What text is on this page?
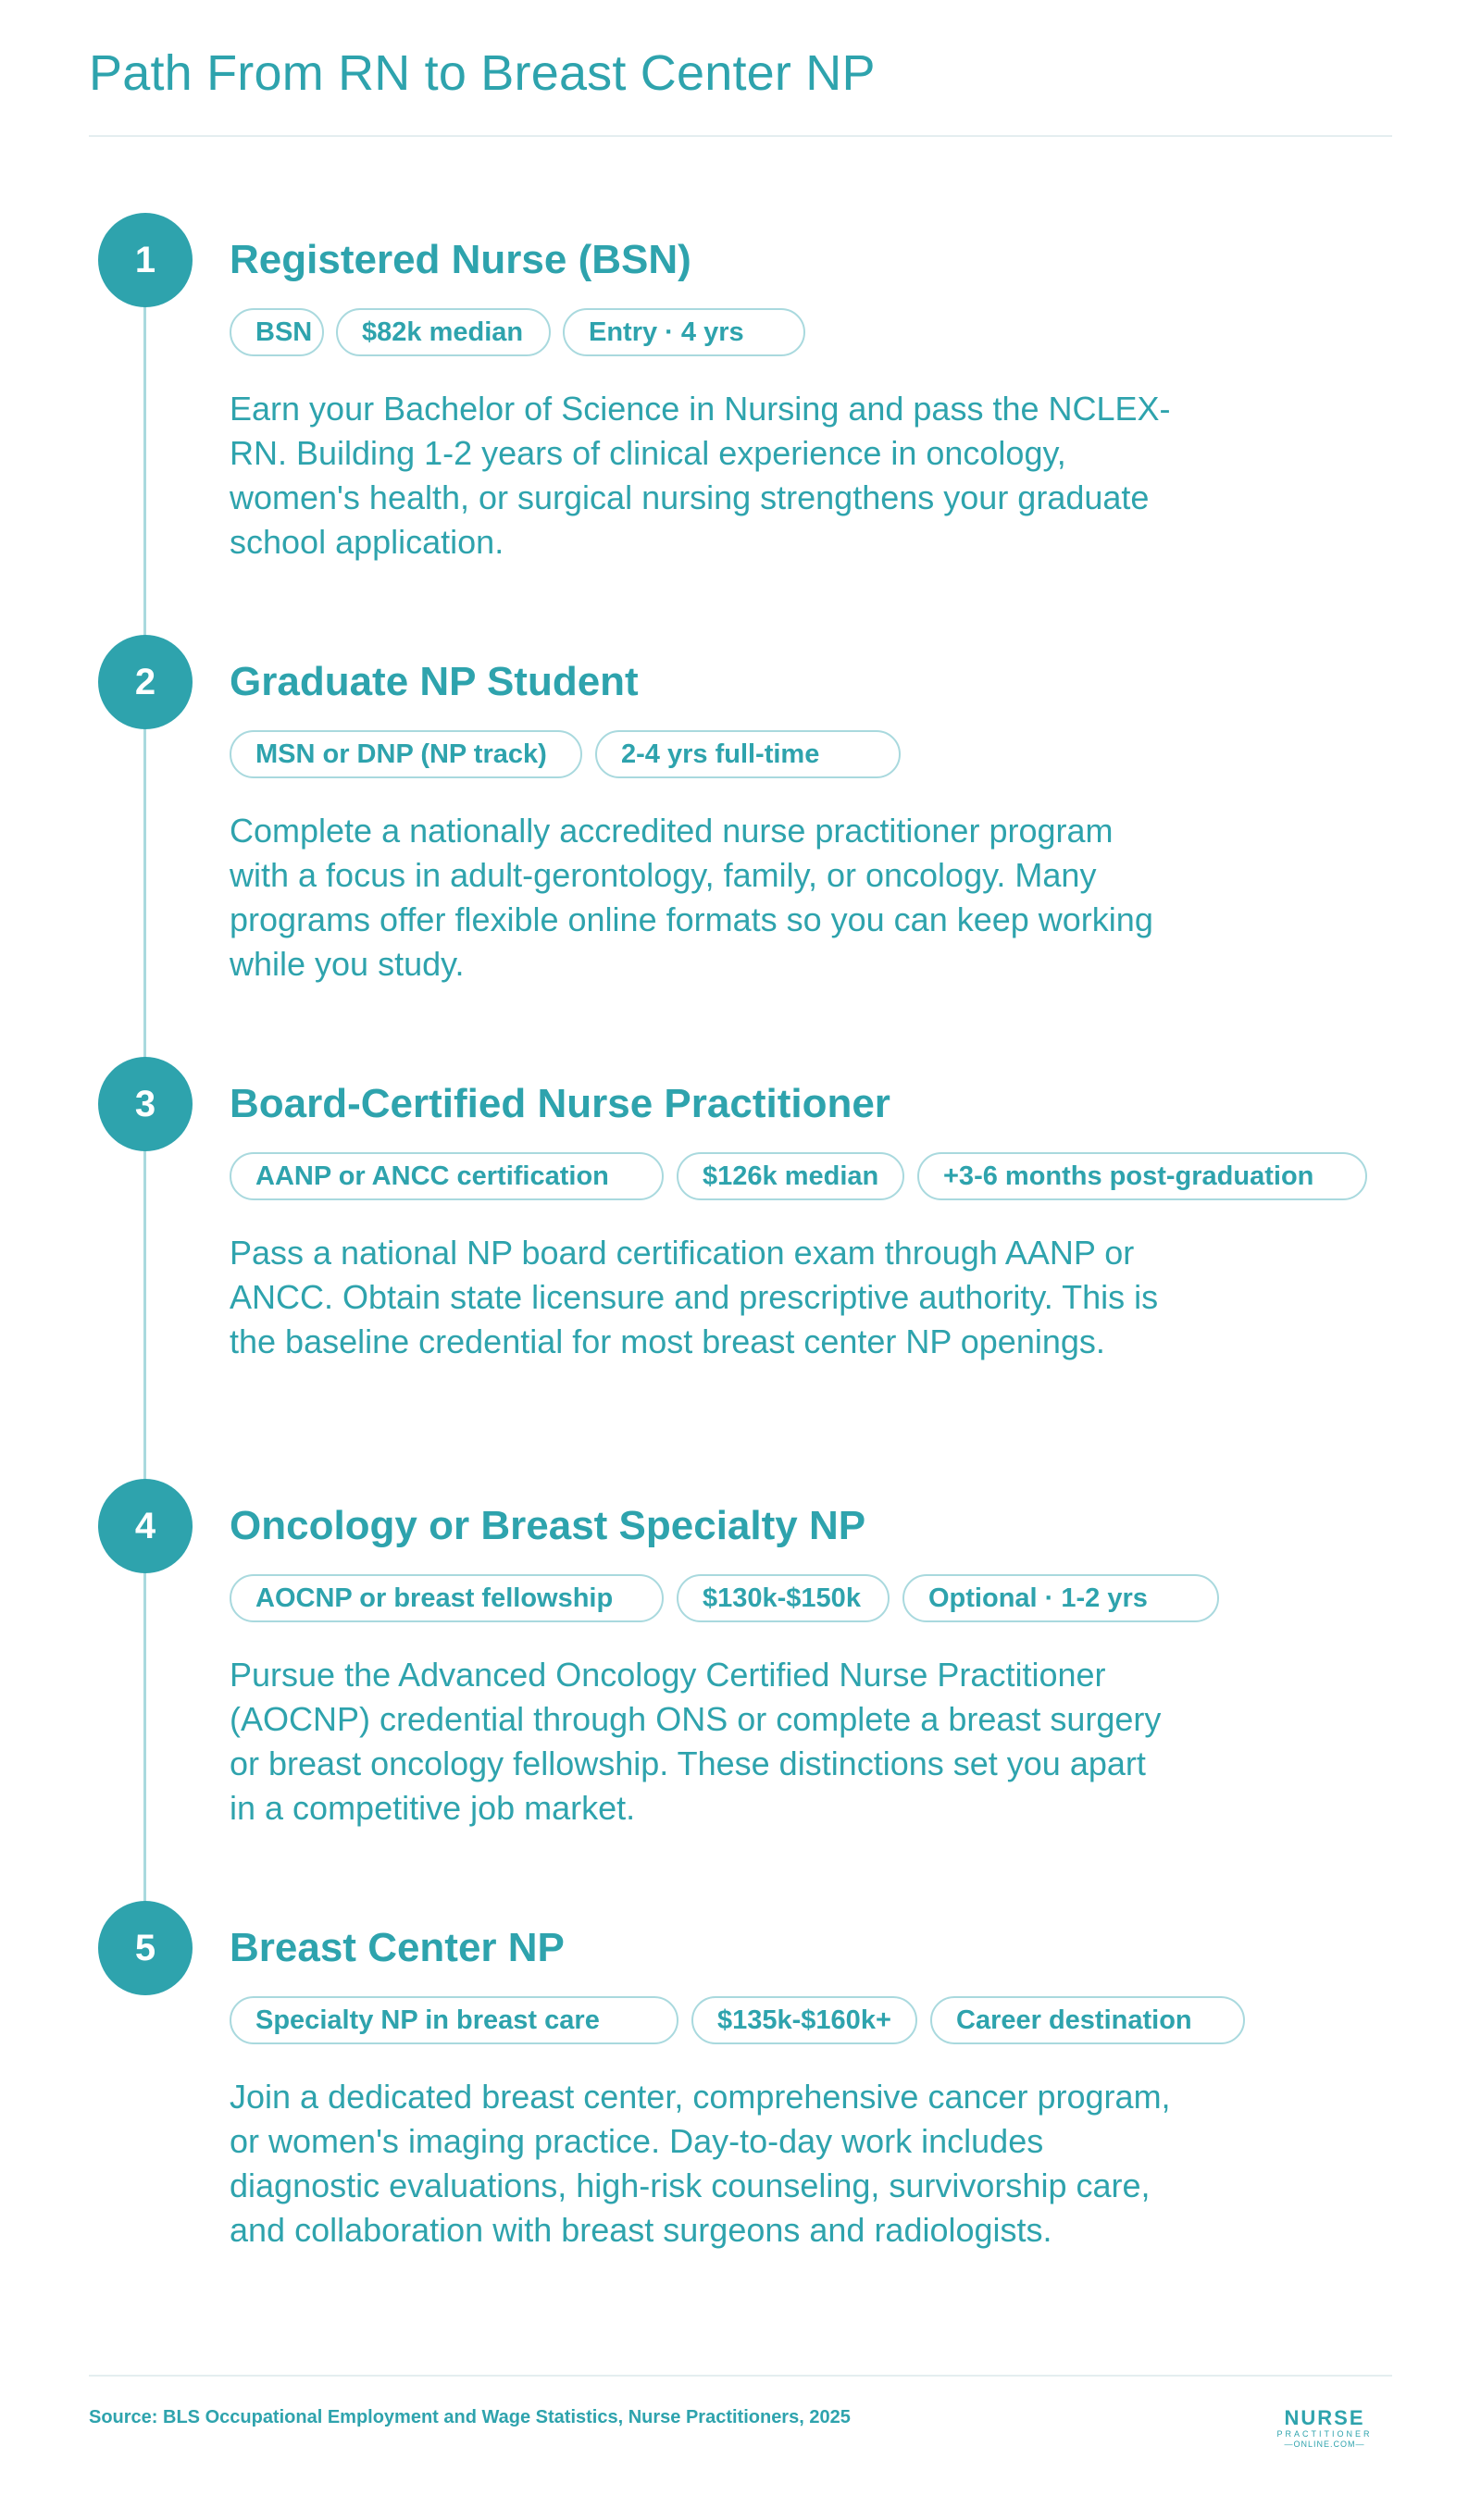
Path From RN to Breast Center NP
1	Registered Nurse (BSN)
BSN	$82k median	Entry · 4 yrs

Earn your Bachelor of Science in Nursing and pass the NCLEX-RN. Building 1-2 years of clinical experience in oncology, women's health, or surgical nursing strengthens your graduate school application.

2	Graduate NP Student
MSN or DNP (NP track)	2-4 yrs full-time

Complete a nationally accredited nurse practitioner program with a focus in adult-gerontology, family, or oncology. Many programs offer flexible online formats so you can keep working while you study.

3	Board-Certified Nurse Practitioner
AANP or ANCC certification	$126k median	+3-6 months post-graduation

Pass a national NP board certification exam through AANP or ANCC. Obtain state licensure and prescriptive authority. This is the baseline credential for most breast center NP openings.

4	Oncology or Breast Specialty NP
AOCNP or breast fellowship	$130k-$150k	Optional · 1-2 yrs

Pursue the Advanced Oncology Certified Nurse Practitioner (AOCNP) credential through ONS or complete a breast surgery or breast oncology fellowship. These distinctions set you apart in a competitive job market.

5	Breast Center NP
Specialty NP in breast care	$135k-$160k+	Career destination

Join a dedicated breast center, comprehensive cancer program, or women's imaging practice. Day-to-day work includes diagnostic evaluations, high-risk counseling, survivorship care, and collaboration with breast surgeons and radiologists.

Source: BLS Occupational Employment and Wage Statistics, Nurse Practitioners, 2025	NURSE
PRACTITIONER
—ONLINE.COM—
